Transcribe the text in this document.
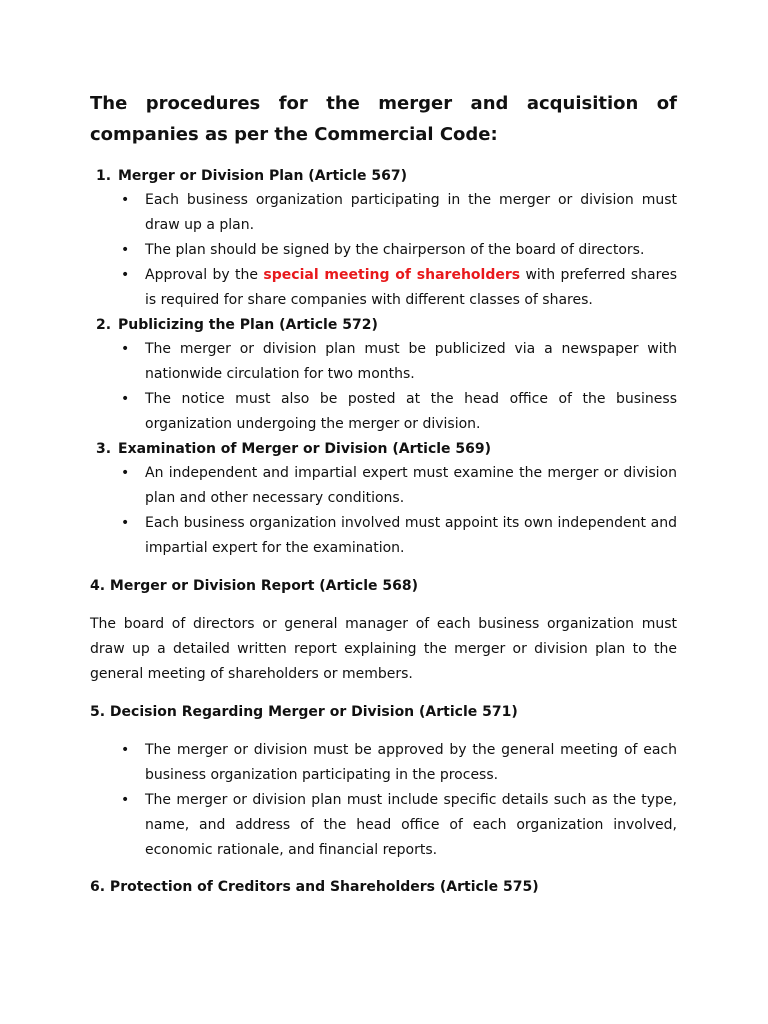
The procedures for the merger and acquisition of companies as per the Commercial Code:

1. Merger or Division Plan (Article 567)
• Each business organization participating in the merger or division must draw up a plan.
• The plan should be signed by the chairperson of the board of directors.
• Approval by the special meeting of shareholders with preferred shares is required for share companies with different classes of shares.
2. Publicizing the Plan (Article 572)
• The merger or division plan must be publicized via a newspaper with nationwide circulation for two months.
• The notice must also be posted at the head office of the business organization undergoing the merger or division.
3. Examination of Merger or Division (Article 569)
• An independent and impartial expert must examine the merger or division plan and other necessary conditions.
• Each business organization involved must appoint its own independent and impartial expert for the examination.

4. Merger or Division Report (Article 568)

The board of directors or general manager of each business organization must draw up a detailed written report explaining the merger or division plan to the general meeting of shareholders or members.

5. Decision Regarding Merger or Division (Article 571)

• The merger or division must be approved by the general meeting of each business organization participating in the process.
• The merger or division plan must include specific details such as the type, name, and address of the head office of each organization involved, economic rationale, and financial reports.

6. Protection of Creditors and Shareholders (Article 575)
